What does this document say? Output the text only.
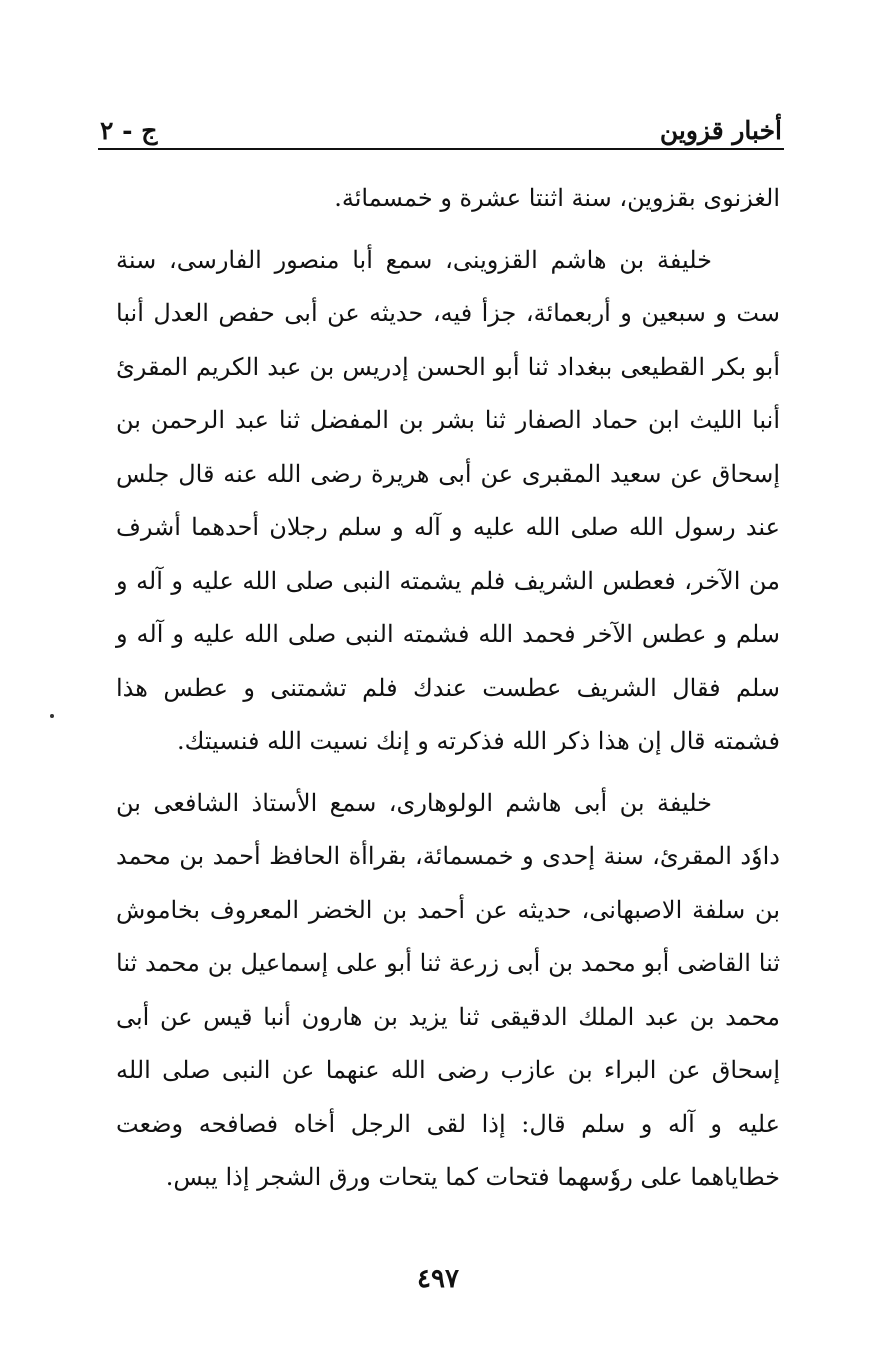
أخبار قزوين
ج - ٢

الغزنوى بقزوين، سنة اثنتا عشرة و خمسمائة.

خليفة بن هاشم القزوينى، سمع أبا منصور الفارسى، سنة ست و سبعين و أربعمائة، جزأ فيه، حديثه عن أبى حفص العدل أنبا أبو بكر القطيعى ببغداد ثنا أبو الحسن إدريس بن عبد الكريم المقرئ أنبا الليث ابن حماد الصفار ثنا بشر بن المفضل ثنا عبد الرحمن بن إسحاق عن سعيد المقبرى عن أبى هريرة رضى الله عنه قال جلس عند رسول الله صلى الله عليه و آله و سلم رجلان أحدهما أشرف من الآخر، فعطس الشريف فلم يشمته النبى صلى الله عليه و آله و سلم و عطس الآخر فحمد الله فشمته النبى صلى الله عليه و آله و سلم فقال الشريف عطست عندك فلم تشمتنى و عطس هذا فشمته قال إن هذا ذكر الله فذكرته و إنك نسيت الله فنسيتك.

خليفة بن أبى هاشم الولوهارى، سمع الأستاذ الشافعى بن داوٗد المقرئ، سنة إحدى و خمسمائة، بقراأة الحافظ أحمد بن محمد بن سلفة الاصبهانى، حديثه عن أحمد بن الخضر المعروف بخاموش ثنا القاضى أبو محمد بن أبى زرعة ثنا أبو على إسماعيل بن محمد ثنا محمد بن عبد الملك الدقيقى ثنا يزيد بن هارون أنبا قيس عن أبى إسحاق عن البراء بن عازب رضى الله عنهما عن النبى صلى الله عليه و آله و سلم قال: إذا لقى الرجل أخاه فصافحه وضعت خطاياهما على روٗسهما فتحات كما يتحات ورق الشجر إذا يبس.

٤٩٧
